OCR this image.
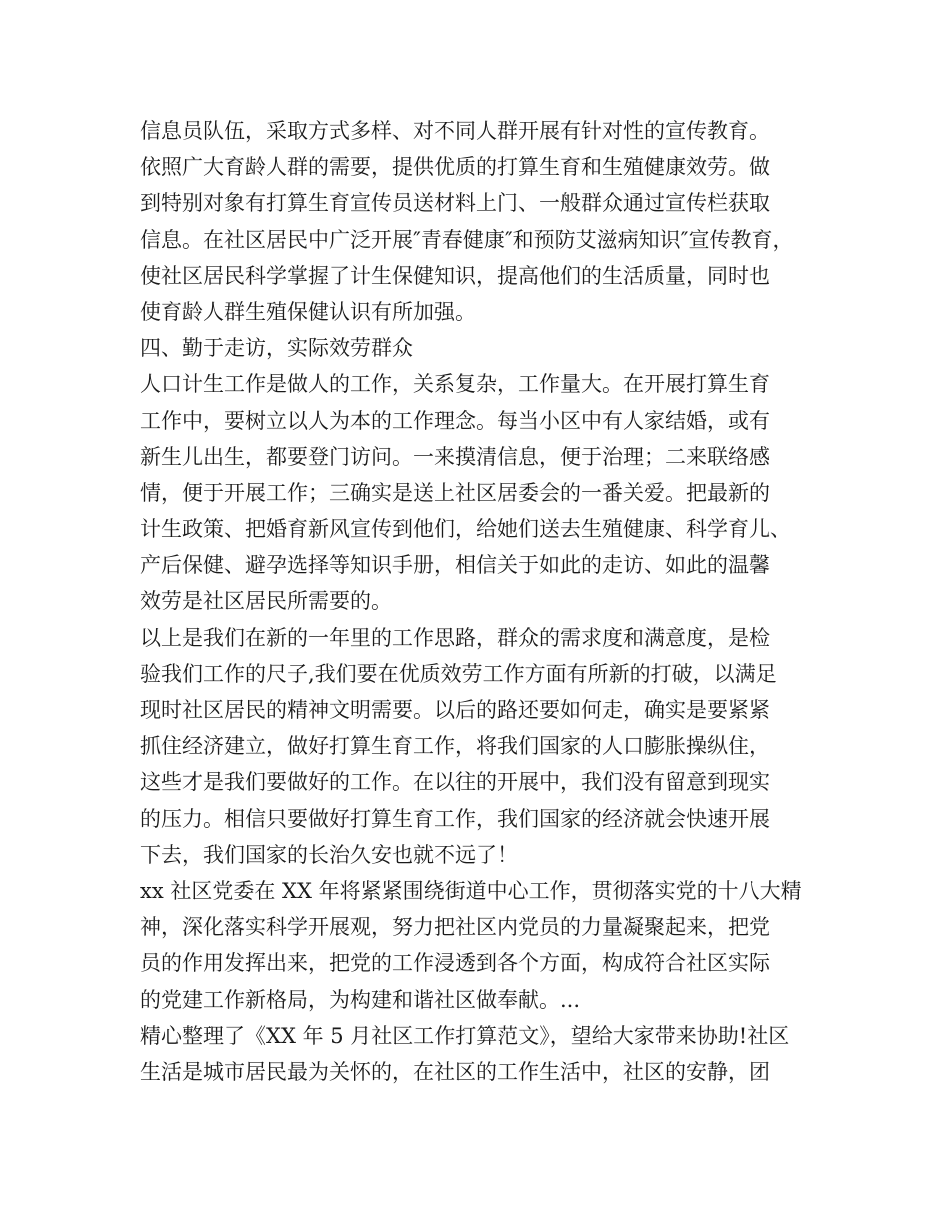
信息员队伍，采取方式多样、对不同人群开展有针对性的宣传教育。
依照广大育龄人群的需要，提供优质的打算生育和生殖健康效劳。做
到特别对象有打算生育宣传员送材料上门、一般群众通过宣传栏获取
信息。在社区居民中广泛开展″青春健康″和预防艾滋病知识″宣传教育，
使社区居民科学掌握了计生保健知识，提高他们的生活质量，同时也
使育龄人群生殖保健认识有所加强。
四、勤于走访，实际效劳群众
人口计生工作是做人的工作，关系复杂，工作量大。在开展打算生育
工作中，要树立以人为本的工作理念。每当小区中有人家结婚，或有
新生儿出生，都要登门访问。一来摸清信息，便于治理；二来联络感
情，便于开展工作；三确实是送上社区居委会的一番关爱。把最新的
计生政策、把婚育新风宣传到他们，给她们送去生殖健康、科学育儿、
产后保健、避孕选择等知识手册，相信关于如此的走访、如此的温馨
效劳是社区居民所需要的。
以上是我们在新的一年里的工作思路，群众的需求度和满意度，是检
验我们工作的尺子,我们要在优质效劳工作方面有所新的打破，以满足
现时社区居民的精神文明需要。以后的路还要如何走，确实是要紧紧
抓住经济建立，做好打算生育工作，将我们国家的人口膨胀操纵住，
这些才是我们要做好的工作。在以往的开展中，我们没有留意到现实
的压力。相信只要做好打算生育工作，我们国家的经济就会快速开展
下去，我们国家的长治久安也就不远了！
xx 社区党委在 XX 年将紧紧围绕街道中心工作，贯彻落实党的十八大精
神，深化落实科学开展观，努力把社区内党员的力量凝聚起来，把党
员的作用发挥出来，把党的工作浸透到各个方面，构成符合社区实际
的党建工作新格局，为构建和谐社区做奉献。...
精心整理了《XX 年 5 月社区工作打算范文》，望给大家带来协助!社区
生活是城市居民最为关怀的，在社区的工作生活中，社区的安静，团
